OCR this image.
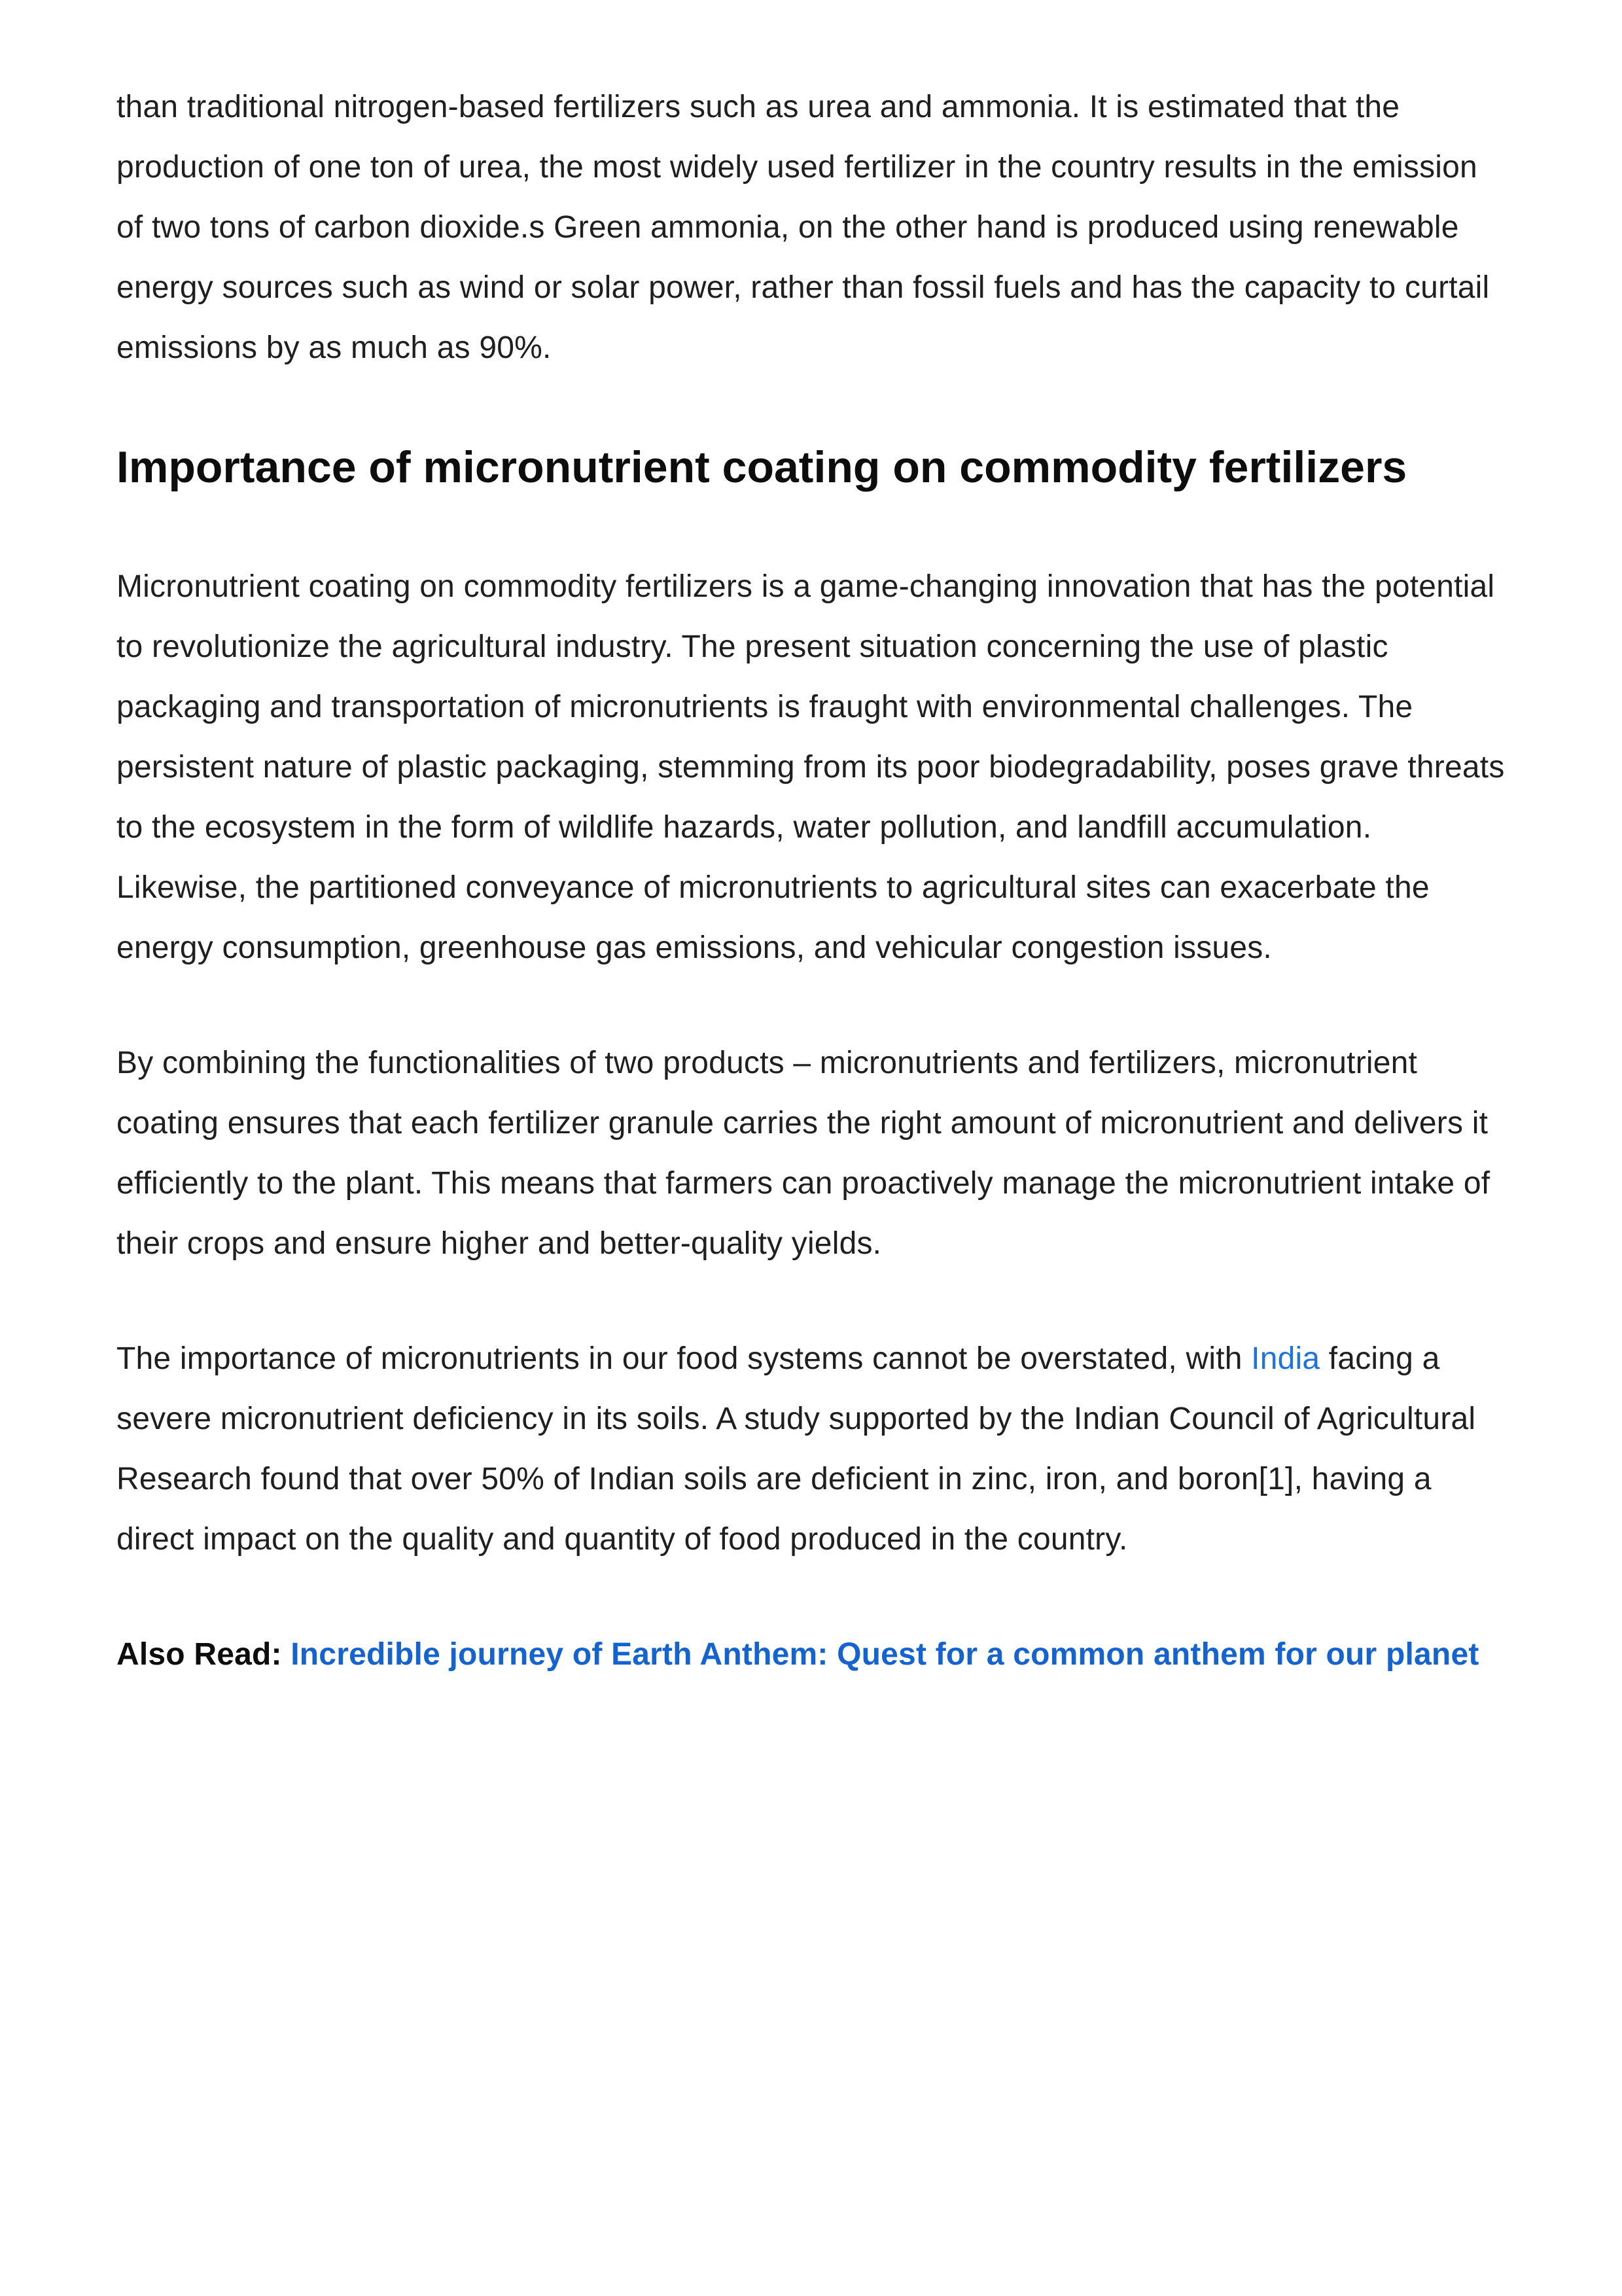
than traditional nitrogen-based fertilizers such as urea and ammonia. It is estimated that the production of one ton of urea, the most widely used fertilizer in the country results in the emission of two tons of carbon dioxide.s Green ammonia, on the other hand is produced using renewable energy sources such as wind or solar power, rather than fossil fuels and has the capacity to curtail emissions by as much as 90%.

Importance of micronutrient coating on commodity fertilizers

Micronutrient coating on commodity fertilizers is a game-changing innovation that has the potential to revolutionize the agricultural industry. The present situation concerning the use of plastic packaging and transportation of micronutrients is fraught with environmental challenges. The persistent nature of plastic packaging, stemming from its poor biodegradability, poses grave threats to the ecosystem in the form of wildlife hazards, water pollution, and landfill accumulation. Likewise, the partitioned conveyance of micronutrients to agricultural sites can exacerbate the energy consumption, greenhouse gas emissions, and vehicular congestion issues.

By combining the functionalities of two products – micronutrients and fertilizers, micronutrient coating ensures that each fertilizer granule carries the right amount of micronutrient and delivers it efficiently to the plant. This means that farmers can proactively manage the micronutrient intake of their crops and ensure higher and better-quality yields.

The importance of micronutrients in our food systems cannot be overstated, with India facing a severe micronutrient deficiency in its soils. A study supported by the Indian Council of Agricultural Research found that over 50% of Indian soils are deficient in zinc, iron, and boron[1], having a direct impact on the quality and quantity of food produced in the country.

Also Read: Incredible journey of Earth Anthem: Quest for a common anthem for our planet
